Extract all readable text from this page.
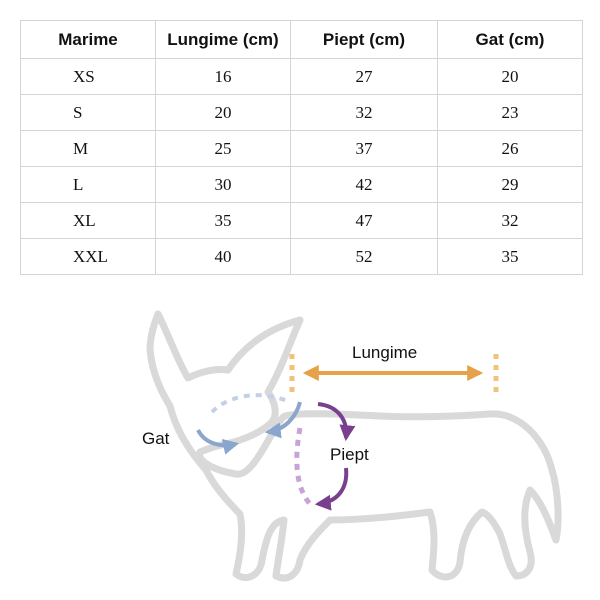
Marime	Lungime (cm)	Piept (cm)	Gat (cm)
XS	16	27	20
S	20	32	23
M	25	37	26
L	30	42	29
XL	35	47	32
XXL	40	52	35
Lungime
Gat
Piept
